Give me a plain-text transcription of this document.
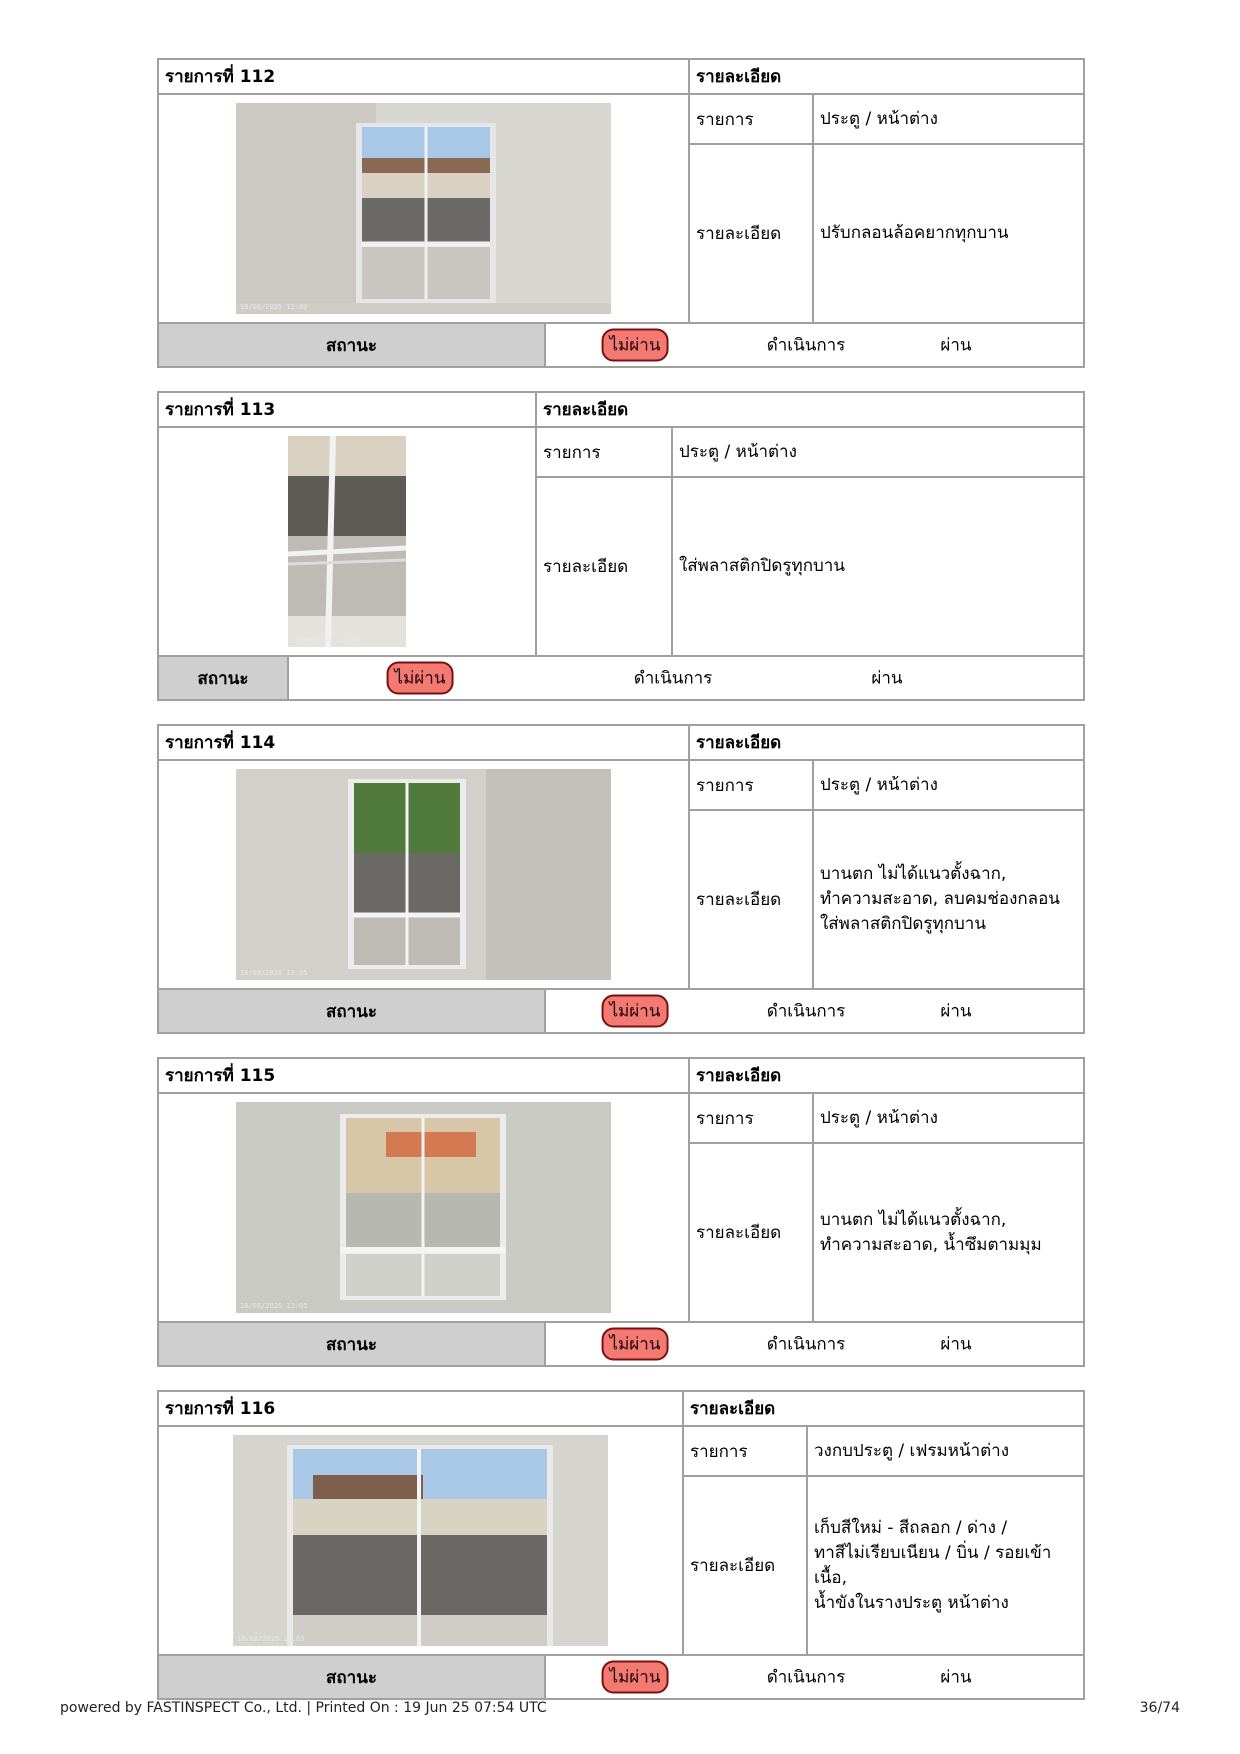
รายการที่ 112	รายละเอียด
18/08/2025 13:02
รายการ	ประตู / หน้าต่าง
รายละเอียด	ปรับกลอนล้อคยากทุกบาน
สถานะ	ไม่ผ่าน	ดำเนินการ	ผ่าน
รายการที่ 113	รายละเอียด
18/08/2025 13:04
รายการ	ประตู / หน้าต่าง
รายละเอียด	ใส่พลาสติกปิดรูทุกบาน
สถานะ	ไม่ผ่าน	ดำเนินการ	ผ่าน
รายการที่ 114	รายละเอียด
18/08/2025 13:05
รายการ	ประตู / หน้าต่าง
รายละเอียด
บานตก ไม่ได้แนวตั้งฉาก,
ทำความสะอาด, ลบคมช่องกลอน
ใส่พลาสติกปิดรูทุกบาน
สถานะ	ไม่ผ่าน	ดำเนินการ	ผ่าน
รายการที่ 115	รายละเอียด
18/08/2025 13:05
รายการ	ประตู / หน้าต่าง
รายละเอียด
บานตก ไม่ได้แนวตั้งฉาก,
ทำความสะอาด, น้ำซึมตามมุม
สถานะ	ไม่ผ่าน	ดำเนินการ	ผ่าน
รายการที่ 116	รายละเอียด
18/08/2025 13:03
รายการ	วงกบประตู / เฟรมหน้าต่าง
รายละเอียด
เก็บสีใหม่ - สีถลอก / ด่าง /
ทาสีไม่เรียบเนียน / บิ่น / รอยเข้าเนื้อ,
น้ำขังในรางประตู หน้าต่าง
สถานะ	ไม่ผ่าน	ดำเนินการ	ผ่าน
powered by FASTINSPECT Co., Ltd. | Printed On : 19 Jun 25 07:54 UTC	36/74
